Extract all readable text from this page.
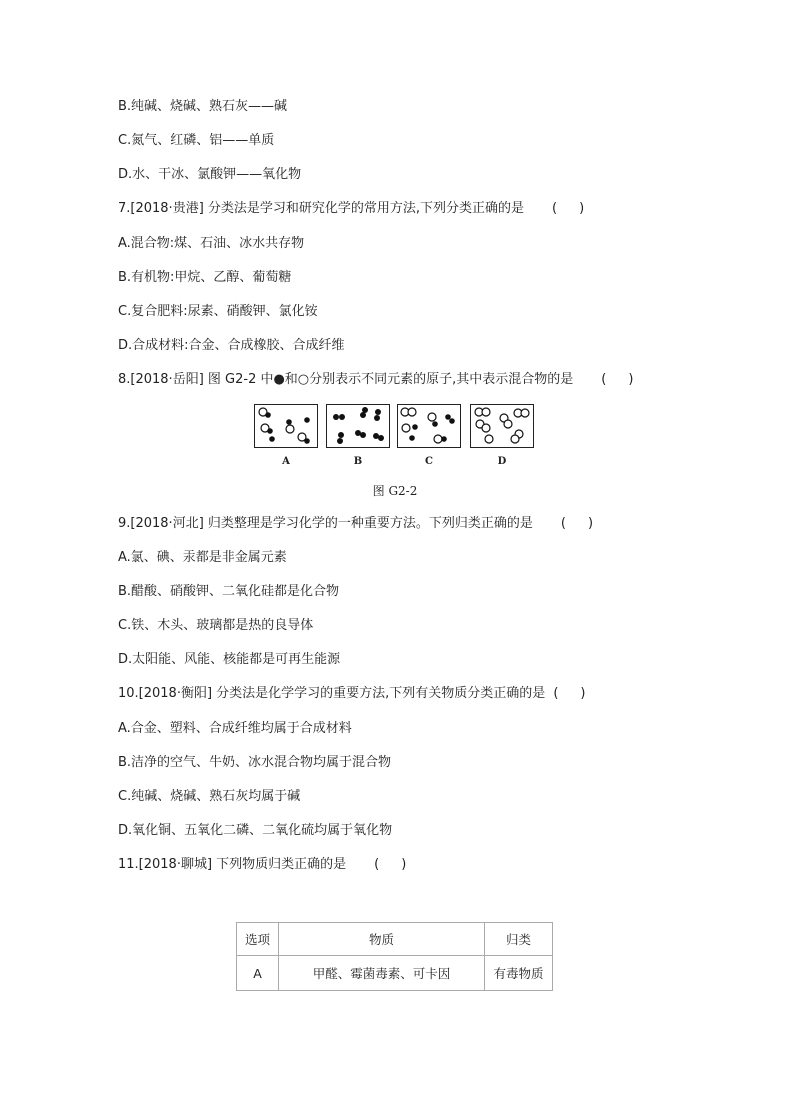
B.纯碱、烧碱、熟石灰——碱
C.氮气、红磷、铝——单质
D.水、干冰、氯酸钾——氧化物
7.[2018·贵港] 分类法是学习和研究化学的常用方法,下列分类正确的是 ()
A.混合物:煤、石油、冰水共存物
B.有机物:甲烷、乙醇、葡萄糖
C.复合肥料:尿素、硝酸钾、氯化铵
D.合成材料:合金、合成橡胶、合成纤维
8.[2018·岳阳] 图 G2-2 中●和○分别表示不同元素的原子,其中表示混合物的是 ()
A	B	C	D
图 G2-2
9.[2018·河北] 归类整理是学习化学的一种重要方法。下列归类正确的是 ()
A.氯、碘、汞都是非金属元素
B.醋酸、硝酸钾、二氧化硅都是化合物
C.铁、木头、玻璃都是热的良导体
D.太阳能、风能、核能都是可再生能源
10.[2018·衡阳] 分类法是化学学习的重要方法,下列有关物质分类正确的是 ()
A.合金、塑料、合成纤维均属于合成材料
B.洁净的空气、牛奶、冰水混合物均属于混合物
C.纯碱、烧碱、熟石灰均属于碱
D.氧化铜、五氧化二磷、二氧化硫均属于氧化物
11.[2018·聊城] 下列物质归类正确的是 ()
选项	物质	归类
A	甲醛、霉菌毒素、可卡因	有毒物质
